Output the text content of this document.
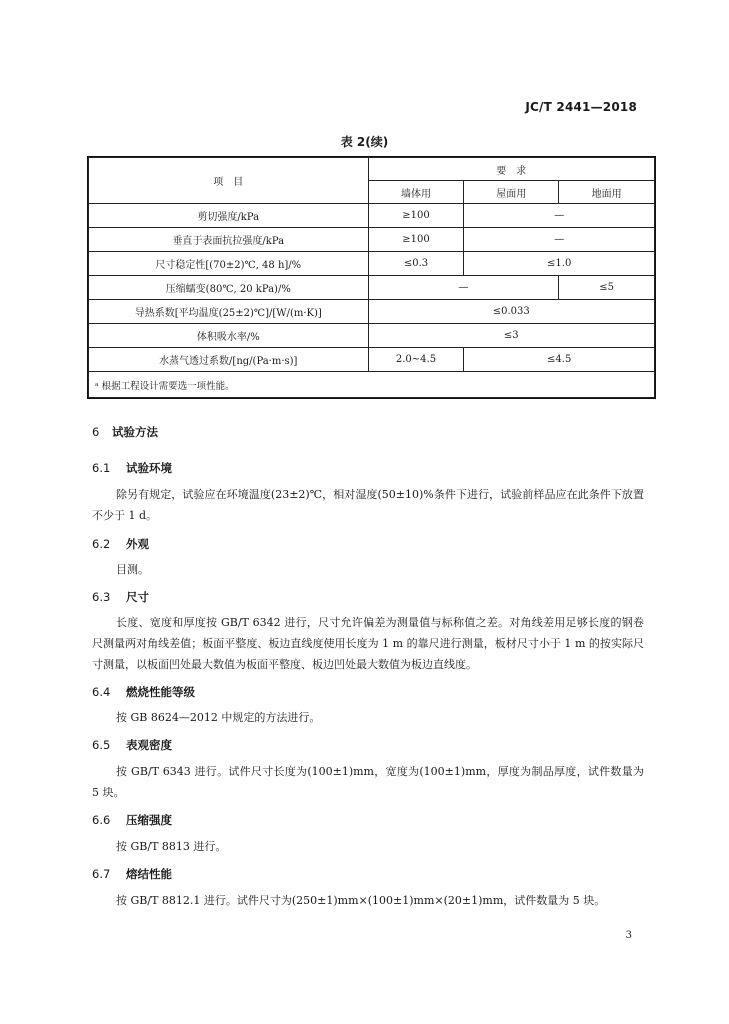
JC/T 2441—2018
表 2(续)
项　目	要　求		
	墙体用	屋面用	地面用
剪切强度/kPa	≥100	—	
垂直于表面抗拉强度/kPa	≥100	—	
尺寸稳定性[(70±2)℃, 48 h]/%	≤0.3	≤1.0	
压缩蠕变(80℃, 20 kPa)/%	—		≤5
导热系数[平均温度(25±2)℃]/[W/(m·K)]	≤0.033		
体积吸水率/%	≤3		
水蒸气透过系数/[ng/(Pa·m·s)]	2.0~4.5	≤4.5	
ᵃ 根据工程设计需要选一项性能。			
6 试验方法
6.1 试验环境
除另有规定，试验应在环境温度(23±2)℃，相对湿度(50±10)%条件下进行，试验前样品应在此条件下放置不少于 1 d。
6.2 外观
目测。
6.3 尺寸
长度、宽度和厚度按 GB/T 6342 进行，尺寸允许偏差为测量值与标称值之差。对角线差用足够长度的钢卷尺测量两对角线差值；板面平整度、板边直线度使用长度为 1 m 的靠尺进行测量，板材尺寸小于 1 m 的按实际尺寸测量，以板面凹处最大数值为板面平整度、板边凹处最大数值为板边直线度。
6.4 燃烧性能等级
按 GB 8624—2012 中规定的方法进行。
6.5 表观密度
按 GB/T 6343 进行。试件尺寸长度为(100±1)mm，宽度为(100±1)mm，厚度为制品厚度，试件数量为 5 块。
6.6 压缩强度
按 GB/T 8813 进行。
6.7 熔结性能
按 GB/T 8812.1 进行。试件尺寸为(250±1)mm×(100±1)mm×(20±1)mm，试件数量为 5 块。
3
